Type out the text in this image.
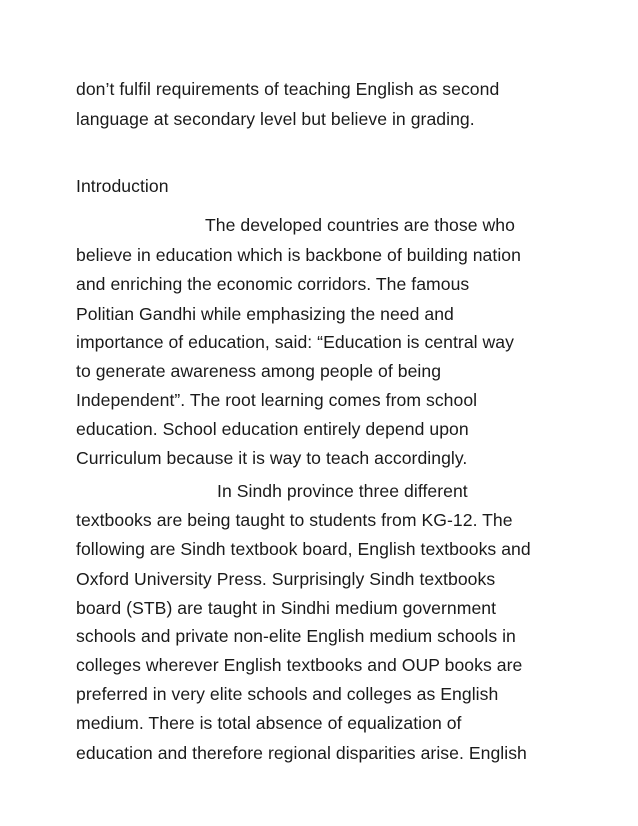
don’t fulfil requirements of teaching English as second
language at secondary level but believe in grading.
Introduction
The developed countries are those who
believe in education which is backbone of building nation
and enriching the economic corridors. The famous
Politian Gandhi while emphasizing the need and
importance of education, said: “Education is central way
to generate awareness among people of being
Independent”. The root learning comes from school
education. School education entirely depend upon
Curriculum because it is way to teach accordingly.
In Sindh province three different
textbooks are being taught to students from KG-12. The
following are Sindh textbook board, English textbooks and
Oxford University Press. Surprisingly Sindh textbooks
board (STB) are taught in Sindhi medium government
schools and private non-elite English medium schools in
colleges wherever English textbooks and OUP books are
preferred in very elite schools and colleges as English
medium. There is total absence of equalization of
education and therefore regional disparities arise. English
